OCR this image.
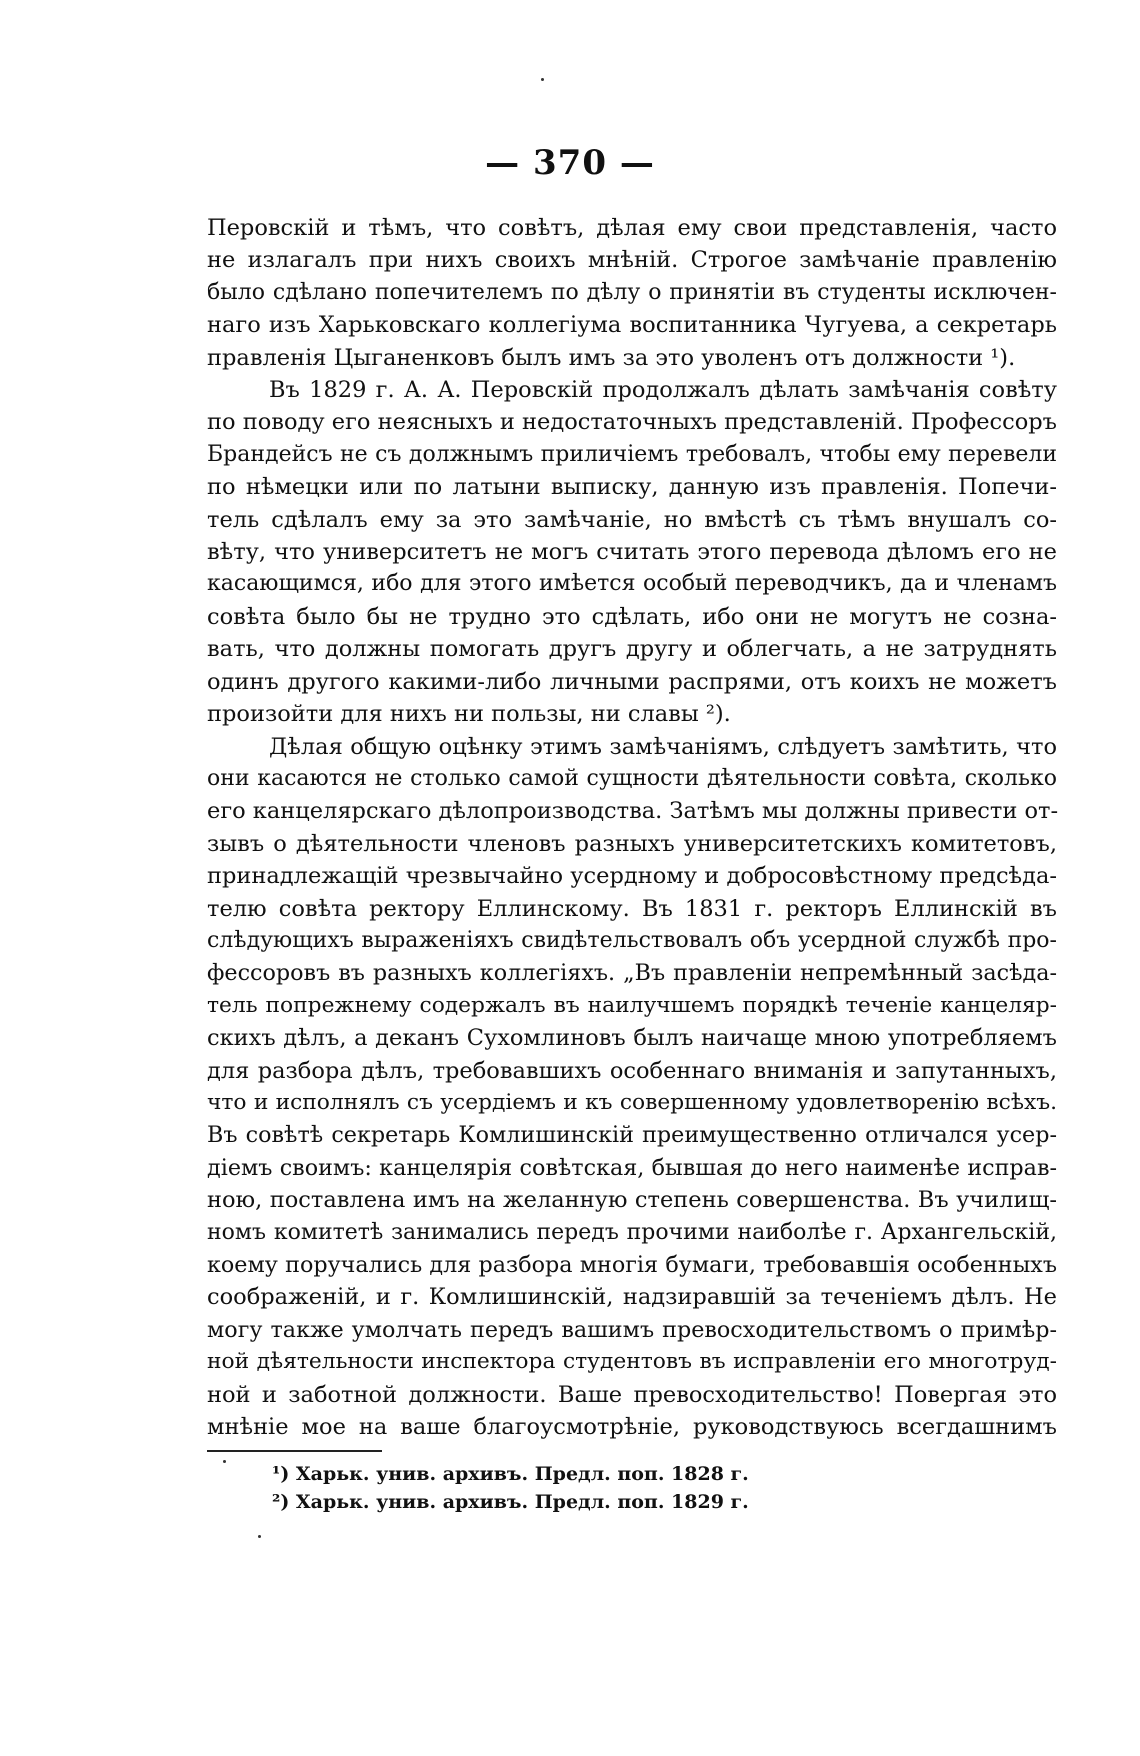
— 370 —
Перовскій и тѣмъ, что совѣтъ, дѣлая ему свои представленія, часто
не излагалъ при нихъ своихъ мнѣній. Строгое замѣчаніе правленію
было сдѣлано попечителемъ по дѣлу о принятіи въ студенты исключен-
наго изъ Харьковскаго коллегіума воспитанника Чугуева, а секретарь
правленія Цыганенковъ былъ имъ за это уволенъ отъ должности ¹).
Въ 1829 г. А. А. Перовскій продолжалъ дѣлать замѣчанія совѣту
по поводу его неясныхъ и недостаточныхъ представленій. Профессоръ
Брандейсъ не съ должнымъ приличіемъ требовалъ, чтобы ему перевели
по нѣмецки или по латыни выписку, данную изъ правленія. Попечи-
тель сдѣлалъ ему за это замѣчаніе, но вмѣстѣ съ тѣмъ внушалъ со-
вѣту, что университетъ не могъ считать этого перевода дѣломъ его не
касающимся, ибо для этого имѣется особый переводчикъ, да и членамъ
совѣта было бы не трудно это сдѣлать, ибо они не могутъ не созна-
вать, что должны помогать другъ другу и облегчать, а не затруднять
одинъ другого какими-либо личными распрями, отъ коихъ не можетъ
произойти для нихъ ни пользы, ни славы ²).
Дѣлая общую оцѣнку этимъ замѣчаніямъ, слѣдуетъ замѣтить, что
они касаются не столько самой сущности дѣятельности совѣта, сколько
его канцелярскаго дѣлопроизводства. Затѣмъ мы должны привести от-
зывъ о дѣятельности членовъ разныхъ университетскихъ комитетовъ,
принадлежащій чрезвычайно усердному и добросовѣстному предсѣда-
телю совѣта ректору Еллинскому. Въ 1831 г. ректоръ Еллинскій въ
слѣдующихъ выраженіяхъ свидѣтельствовалъ объ усердной службѣ про-
фессоровъ въ разныхъ коллегіяхъ. „Въ правленіи непремѣнный засѣда-
тель попрежнему содержалъ въ наилучшемъ порядкѣ теченіе канцеляр-
скихъ дѣлъ, а деканъ Сухомлиновъ былъ наичаще мною употребляемъ
для разбора дѣлъ, требовавшихъ особеннаго вниманія и запутанныхъ,
что и исполнялъ съ усердіемъ и къ совершенному удовлетворенію всѣхъ.
Въ совѣтѣ секретарь Комлишинскій преимущественно отличался усер-
діемъ своимъ: канцелярія совѣтская, бывшая до него наименѣе исправ-
ною, поставлена имъ на желанную степень совершенства. Въ училищ-
номъ комитетѣ занимались передъ прочими наиболѣе г. Архангельскій,
коему поручались для разбора многія бумаги, требовавшія особенныхъ
соображеній, и г. Комлишинскій, надзиравшій за теченіемъ дѣлъ. Не
могу также умолчать передъ вашимъ превосходительствомъ о примѣр-
ной дѣятельности инспектора студентовъ въ исправленіи его многотруд-
ной и заботной должности. Ваше превосходительство! Повергая это
мнѣніе мое на ваше благоусмотрѣніе, руководствуюсь всегдашнимъ
¹) Харьк. унив. архивъ. Предл. поп. 1828 г.
²) Харьк. унив. архивъ. Предл. поп. 1829 г.
